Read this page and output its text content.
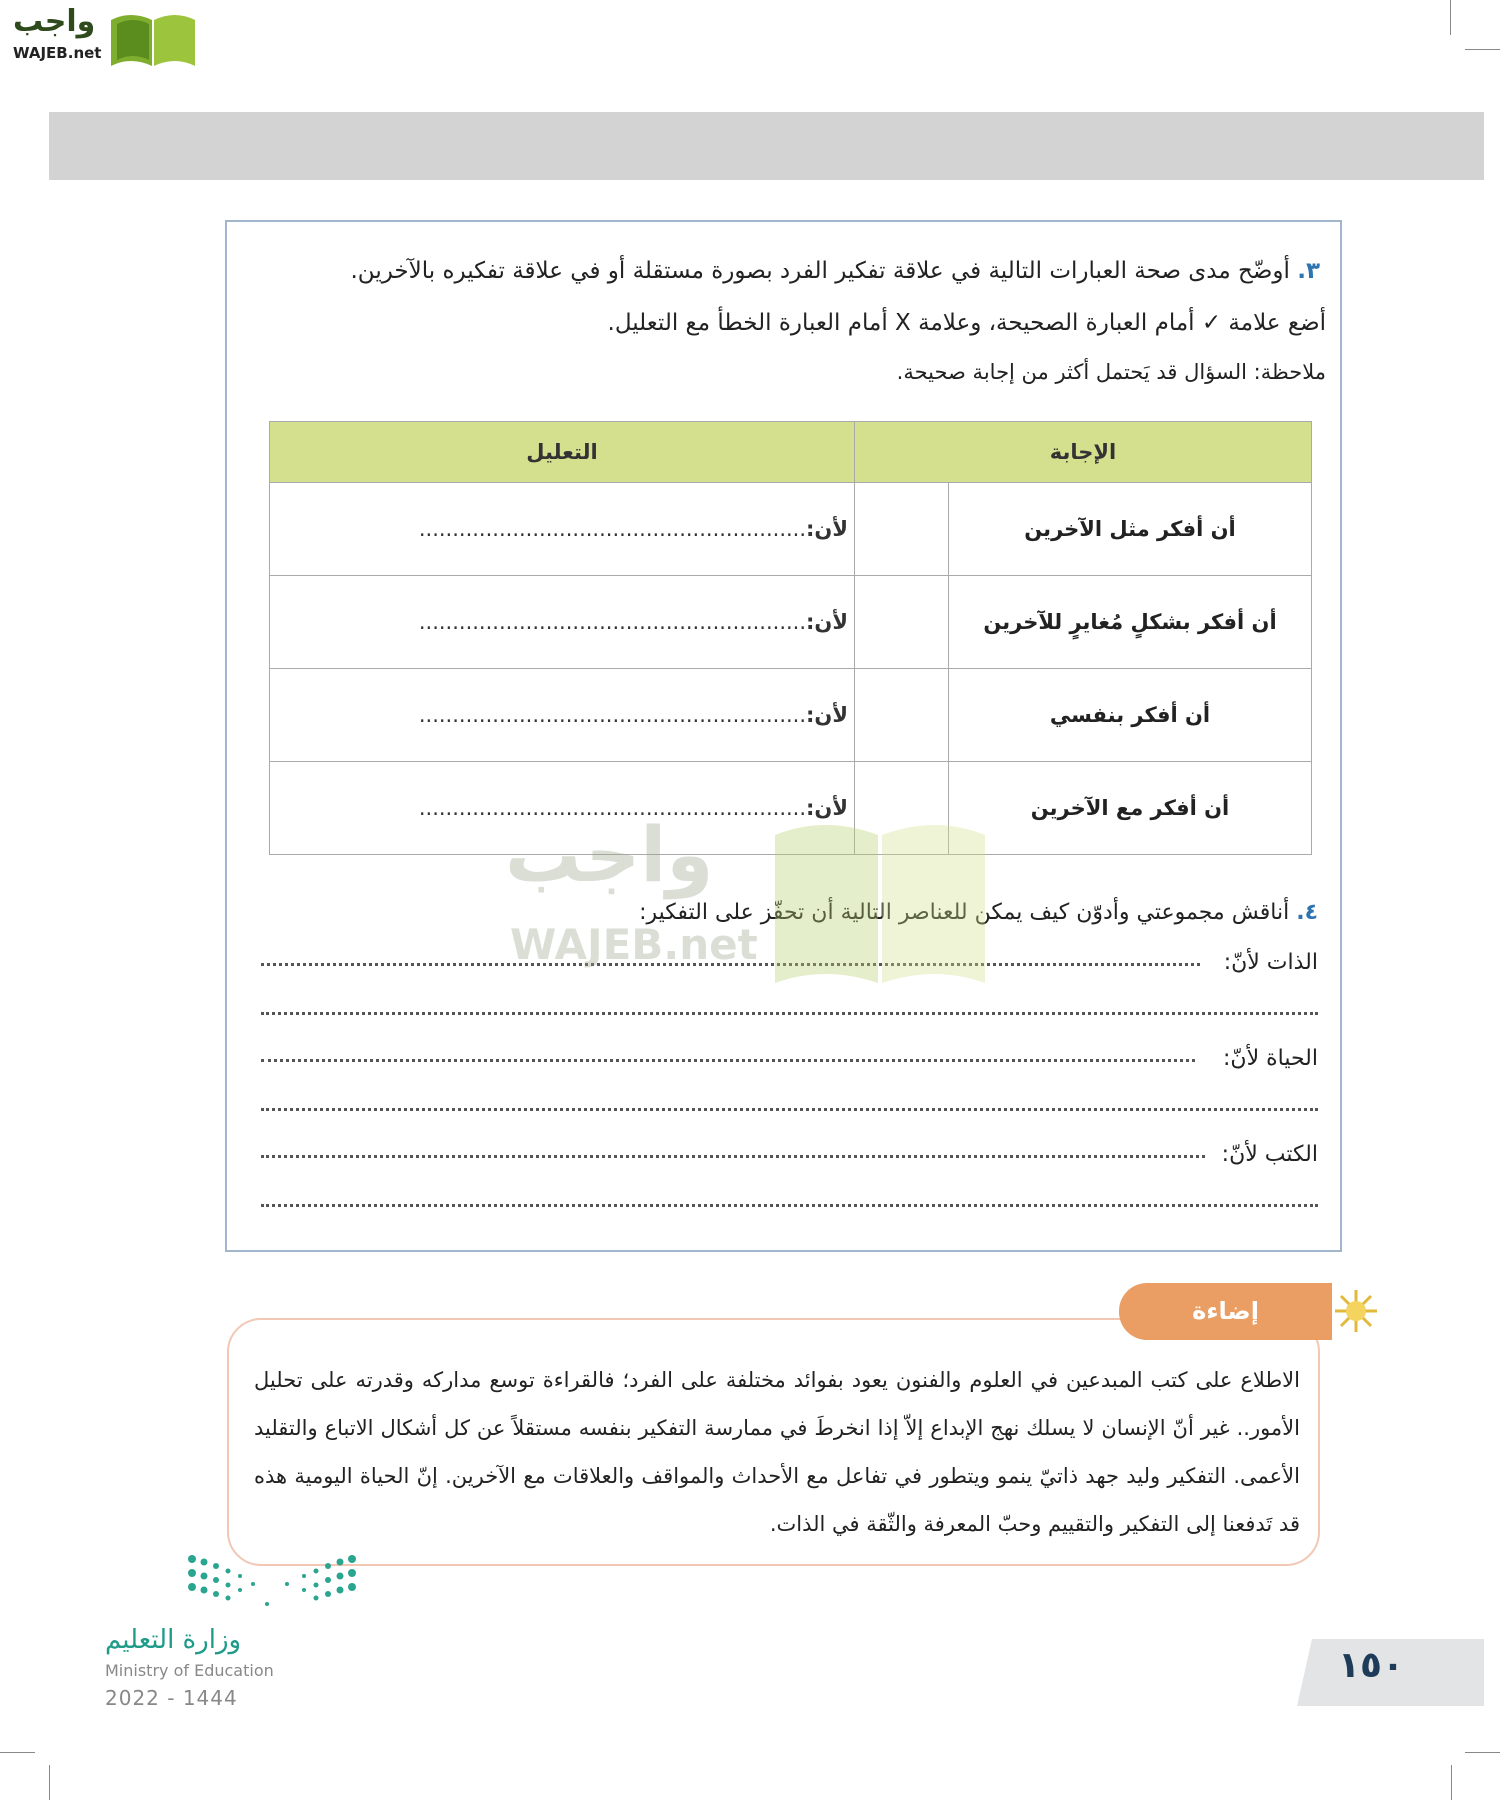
واجب
WAJEB.net
٣. أوضّح مدى صحة العبارات التالية في علاقة تفكير الفرد بصورة مستقلة أو في علاقة تفكيره بالآخرين.
أضع علامة ✓ أمام العبارة الصحيحة، وعلامة X أمام العبارة الخطأ مع التعليل.
ملاحظة: السؤال قد يَحتمل أكثر من إجابة صحيحة.
الإجابة		التعليل
أن أفكر مثل الآخرين		لأن:..........................................................
أن أفكر بشكلٍ مُغايرٍ للآخرين		لأن:..........................................................
أن أفكر بنفسي		لأن:..........................................................
أن أفكر مع الآخرين		لأن:..........................................................
٤. أناقش مجموعتي وأدوّن كيف يمكن للعناصر التالية أن تحفّز على التفكير:
الذات لأنّ:
الحياة لأنّ:
الكتب لأنّ:
واجب
WAJEB.net

الاطلاع على كتب المبدعين في العلوم والفنون يعود بفوائد مختلفة على الفرد؛ فالقراءة توسع مداركه وقدرته على تحليل الأمور.. غير أنّ الإنسان لا يسلك نهج الإبداع إلاّ إذا انخرطَ في ممارسة التفكير بنفسه مستقلاً عن كل أشكال الاتباع والتقليد الأعمى. التفكير وليد جهد ذاتيّ ينمو ويتطور في تفاعل مع الأحداث والمواقف والعلاقات مع الآخرين. إنّ الحياة اليومية هذه قد تَدفعنا إلى التفكير والتقييم وحبّ المعرفة والثّقة في الذات.

إضاءة
وزارة التعليم
Ministry of Education
2022 - 1444
١٥٠
